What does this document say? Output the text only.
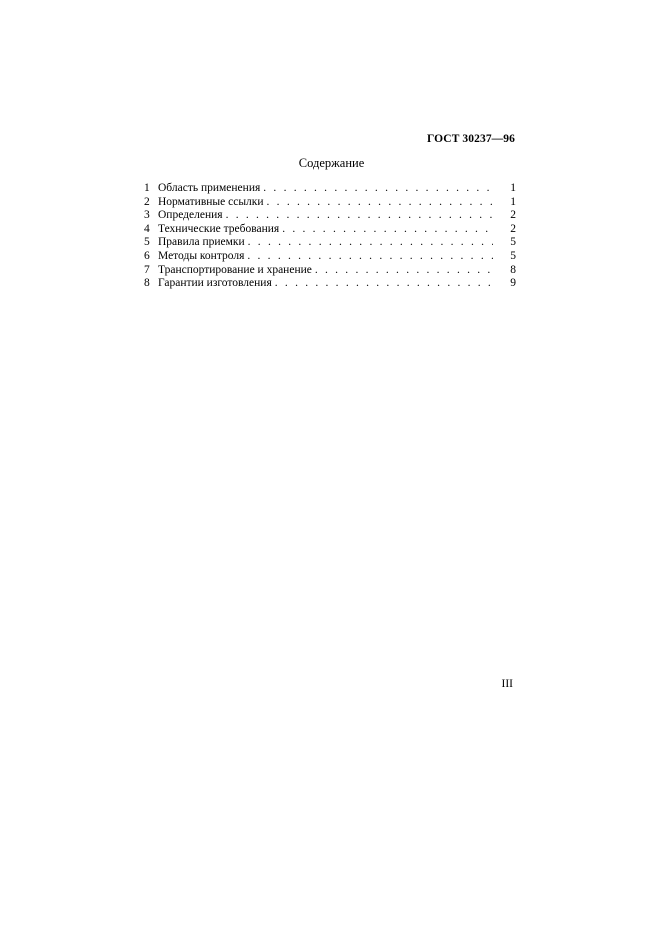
ГОСТ 30237—96
Содержание
1 Область применения . . .	1
2 Нормативные ссылки . . .	1
3 Определения . . .	2
4 Технические требования . . .	2
5 Правила приемки . . .	5
6 Методы контроля . . .	5
7 Транспортирование и хранение . . .	8
8 Гарантии изготовления . . .	9
III
